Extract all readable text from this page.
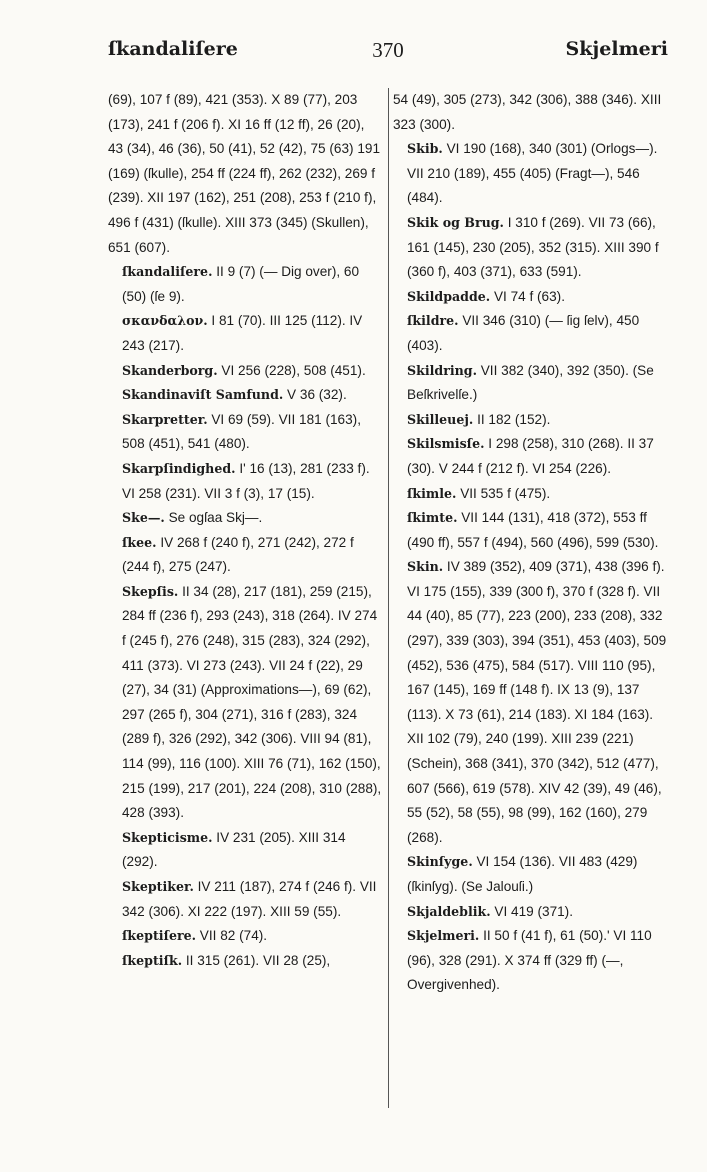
ſkandaliſere	370	Skjelmeri

(69), 107 f (89), 421 (353). X 89 (77), 203 (173), 241 f (206 f). XI 16 ff (12 ff), 26 (20), 43 (34), 46 (36), 50 (41), 52 (42), 75 (63) 191 (169) (ſkulle), 254 ff (224 ff), 262 (232), 269 f (239). XII 197 (162), 251 (208), 253 f (210 f), 496 f (431) (ſkulle). XIII 373 (345) (Skullen), 651 (607).

ſkandaliſere. II 9 (7) (— Dig over), 60 (50) (ſe 9).

σκανδαλον. I 81 (70). III 125 (112). IV 243 (217).

Skanderborg. VI 256 (228), 508 (451).

Skandinaviſt Samfund. V 36 (32).

Skarpretter. VI 69 (59). VII 181 (163), 508 (451), 541 (480).

Skarpſindighed. I' 16 (13), 281 (233 f). VI 258 (231). VII 3 f (3), 17 (15).

Ske—. Se ogſaa Skj—.

ſkee. IV 268 f (240 f), 271 (242), 272 f (244 f), 275 (247).

Skepſis. II 34 (28), 217 (181), 259 (215), 284 ff (236 f), 293 (243), 318 (264). IV 274 f (245 f), 276 (248), 315 (283), 324 (292), 411 (373). VI 273 (243). VII 24 f (22), 29 (27), 34 (31) (Approximations—), 69 (62), 297 (265 f), 304 (271), 316 f (283), 324 (289 f), 326 (292), 342 (306). VIII 94 (81), 114 (99), 116 (100). XIII 76 (71), 162 (150), 215 (199), 217 (201), 224 (208), 310 (288), 428 (393).

Skepticisme. IV 231 (205). XIII 314 (292).

Skeptiker. IV 211 (187), 274 f (246 f). VII 342 (306). XI 222 (197). XIII 59 (55).

ſkeptiſere. VII 82 (74).

ſkeptiſk. II 315 (261). VII 28 (25),

54 (49), 305 (273), 342 (306), 388 (346). XIII 323 (300).

Skib. VI 190 (168), 340 (301) (Orlogs—). VII 210 (189), 455 (405) (Fragt—), 546 (484).

Skik og Brug. I 310 f (269). VII 73 (66), 161 (145), 230 (205), 352 (315). XIII 390 f (360 f), 403 (371), 633 (591).

Skildpadde. VI 74 f (63).

ſkildre. VII 346 (310) (— ſig ſelv), 450 (403).

Skildring. VII 382 (340), 392 (350). (Se Beſkrivelſe.)

Skilleuej. II 182 (152).

Skilsmisſe. I 298 (258), 310 (268). II 37 (30). V 244 f (212 f). VI 254 (226).

ſkimle. VII 535 f (475).

ſkimte. VII 144 (131), 418 (372), 553 ff (490 ff), 557 f (494), 560 (496), 599 (530).

Skin. IV 389 (352), 409 (371), 438 (396 f). VI 175 (155), 339 (300 f), 370 f (328 f). VII 44 (40), 85 (77), 223 (200), 233 (208), 332 (297), 339 (303), 394 (351), 453 (403), 509 (452), 536 (475), 584 (517). VIII 110 (95), 167 (145), 169 ff (148 f). IX 13 (9), 137 (113). X 73 (61), 214 (183). XI 184 (163). XII 102 (79), 240 (199). XIII 239 (221) (Schein), 368 (341), 370 (342), 512 (477), 607 (566), 619 (578). XIV 42 (39), 49 (46), 55 (52), 58 (55), 98 (99), 162 (160), 279 (268).

Skinſyge. VI 154 (136). VII 483 (429) (ſkinſyg). (Se Jalouſi.)

Skjaldeblik. VI 419 (371).

Skjelmeri. II 50 f (41 f), 61 (50).' VI 110 (96), 328 (291). X 374 ff (329 ff) (—, Overgivenhed).
